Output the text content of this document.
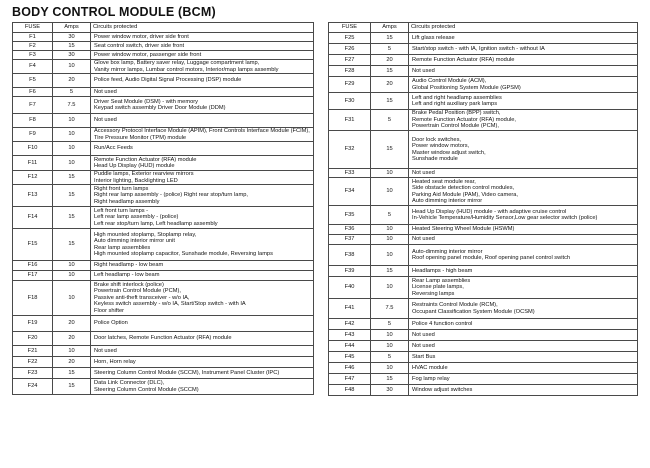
BODY CONTROL MODULE (BCM)
FUSE	Amps	Circuits protected
F1	30	Power window motor, driver side front

F2	15	Seat control switch, driver side front

F3	30	Power window motor, passenger side front

F4	10	Glove box lamp, Battery saver relay, Luggage compartment lamp,
Vanity mirror lamps, Lumbar control motors, Interior/map lamps assembly

F5	20	Police feed, Audio Digital Signal Processing (DSP) module

F6	5	Not used

F7	7.5	Driver Seat Module (DSM) - with memory
Keypad switch assembly Driver Door Module (DDM)

F8	10	Not used

F9	10	Accessory Protocol Interface Module (APIM), Front Controls Interface Module (FCIM),
Tire Pressure Monitor (TPM) module

F10	10	Run/Acc Feeds

F11	10	Remote Function Actuator (RFA) module
Head Up Display (HUD) module

F12	15	Puddle lamps, Exterior rearview mirrors
Interior lighting, Backlighting LED

F13	15	Right front turn lamps
Right rear lamp assembly - (police) Right rear stop/turn lamp,
Right headlamp assembly

F14	15	Left front turn lamps -
Left rear lamp assembly - (police)
Left rear stop/turn lamp, Left headlamp assembly

F15	15	High mounted stoplamp, Stoplamp relay,
Auto dimming interior mirror unit
Rear lamp assemblies
High mounted stoplamp capacitor, Sunshade module, Reversing lamps

F16	10	Right headlamp - low beam

F17	10	Left headlamp - low beam

F18	10	Brake shift interlock (police)
Powertrain Control Module (PCM),
Passive anti-theft transceiver - w/o IA,
Keyless switch assembly - w/o IA, Start/Stop switch - with IA
Floor shifter

F19	20	Police Option

F20	20	Door latches, Remote Function Actuator (RFA) module

F21	10	Not used

F22	20	Horn, Horn relay

F23	15	Steering Column Control Module (SCCM), Instrument Panel Cluster (IPC)

F24	15	Data Link Connector (DLC),
Steering Column Control Module (SCCM)
FUSE	Amps	Circuits protected
F25	15	Lift glass release

F26	5	Start/stop switch - with IA, Ignition switch - without IA

F27	20	Remote Function Actuator (RFA) module

F28	15	Not used

F29	20	Audio Control Module (ACM),
Global Positioning System Module (GPSM)

F30	15	Left and right headlamp assemblies
Left and right auxiliary park lamps

F31	5	Brake Pedal Position (BPP) switch,
Remote Function Actuator (RFA) module,
Powertrain Control Module (PCM),

F32	15	Door lock switches,
Power window motors,
Master window adjust switch,
Sunshade module

F33	10	Not used

F34	10	Heated seat module rear,
Side obstacle detection control modules,
Parking Aid Module (PAM), Video camera,
Auto dimming interior mirror

F35	5	Head Up Display (HUD) module - with adaptive cruise control
In-Vehicle Temperature/Humidity Sensor,Low gear selector switch (police)

F36	10	Heated Steering Wheel Module (HSWM)

F37	10	Not used

F38	10	Auto-dimming interior mirror
Roof opening panel module, Roof opening panel control switch

F39	15	Headlamps - high beam

F40	10	Rear Lamp assemblies
License plate lamps,
Reversing lamps

F41	7.5	Restraints Control Module (RCM),
Occupant Classification System Module (OCSM)

F42	5	Police 4 function control

F43	10	Not used

F44	10	Not used

F45	5	Start Bus

F46	10	HVAC module

F47	15	Fog lamp relay

F48	30	Window adjust switches
